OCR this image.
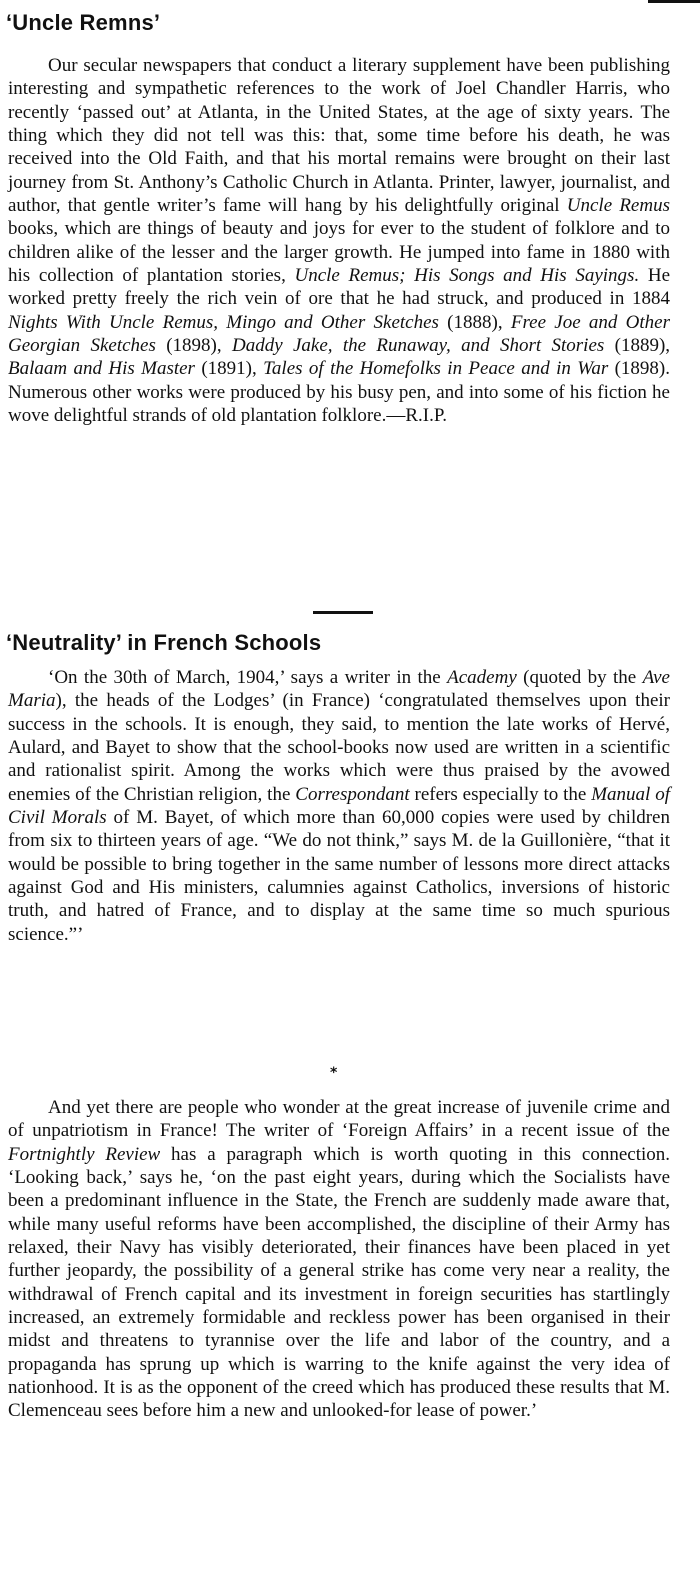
‘Uncle Remns’

Our secular newspapers that conduct a literary supplement have been publishing interesting and sympathetic references to the work of Joel Chandler Harris, who recently ‘passed out’ at Atlanta, in the United States, at the age of sixty years. The thing which they did not tell was this: that, some time before his death, he was received into the Old Faith, and that his mortal remains were brought on their last journey from St. Anthony’s Catholic Church in Atlanta. Printer, lawyer, journalist, and author, that gentle writer’s fame will hang by his delightfully original Uncle Remus books, which are things of beauty and joys for ever to the student of folklore and to children alike of the lesser and the larger growth. He jumped into fame in 1880 with his collection of plantation stories, Uncle Remus; His Songs and His Sayings. He worked pretty freely the rich vein of ore that he had struck, and produced in 1884 Nights With Uncle Remus, Mingo and Other Sketches (1888), Free Joe and Other Georgian Sketches (1898), Daddy Jake, the Runaway, and Short Stories (1889), Balaam and His Master (1891), Tales of the Homefolks in Peace and in War (1898). Numerous other works were produced by his busy pen, and into some of his fiction he wove delightful strands of old plantation folklore.—R.I.P.

‘Neutrality’ in French Schools

‘On the 30th of March, 1904,’ says a writer in the Academy (quoted by the Ave Maria), the heads of the Lodges’ (in France) ‘congratulated themselves upon their success in the schools. It is enough, they said, to mention the late works of Hervé, Aulard, and Bayet to show that the school-books now used are written in a scientific and rationalist spirit. Among the works which were thus praised by the avowed enemies of the Christian religion, the Correspondant refers especially to the Manual of Civil Morals of M. Bayet, of which more than 60,000 copies were used by children from six to thirteen years of age. “We do not think,” says M. de la Guillonière, “that it would be possible to bring together in the same number of lessons more direct attacks against God and His ministers, calumnies against Catholics, inversions of historic truth, and hatred of France, and to display at the same time so much spurious science.”’

*

And yet there are people who wonder at the great increase of juvenile crime and of unpatriotism in France! The writer of ‘Foreign Affairs’ in a recent issue of the Fortnightly Review has a paragraph which is worth quoting in this connection. ‘Looking back,’ says he, ‘on the past eight years, during which the Socialists have been a predominant influence in the State, the French are suddenly made aware that, while many useful reforms have been accomplished, the discipline of their Army has relaxed, their Navy has visibly deteriorated, their finances have been placed in yet further jeopardy, the possibility of a general strike has come very near a reality, the withdrawal of French capital and its investment in foreign securities has startlingly increased, an extremely formidable and reckless power has been organised in their midst and threatens to tyrannise over the life and labor of the country, and a propaganda has sprung up which is warring to the knife against the very idea of nationhood. It is as the opponent of the creed which has produced these results that M. Clemenceau sees before him a new and unlooked-for lease of power.’
